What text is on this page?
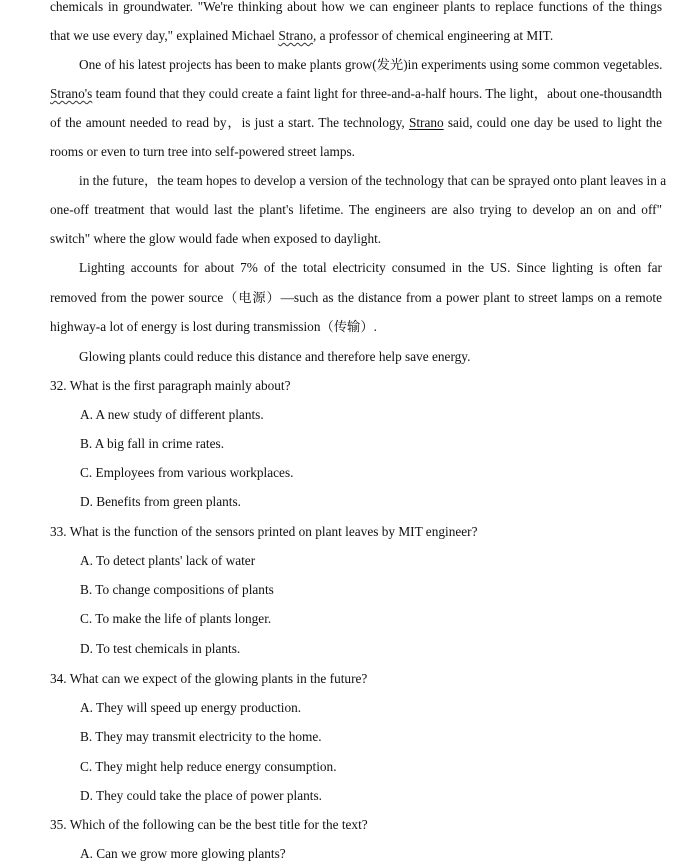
chemicals in groundwater. "We're thinking about how we can engineer plants to replace functions of the things
that we use every day," explained Michael Strano, a professor of chemical engineering at MIT.
One of his latest projects has been to make plants grow(发光)in experiments using some common vegetables.
Strano's team found that they could create a faint light for three-and-a-half hours. The light，about one-thousandth
of the amount needed to read by，is just a start. The technology, Strano said, could one day be used to light the
rooms or even to turn tree into self-powered street lamps.
in the future，the team hopes to develop a version of the technology that can be sprayed onto plant leaves in a
one-off treatment that would last the plant's lifetime. The engineers are also trying to develop an on and off"
switch" where the glow would fade when exposed to daylight.
Lighting accounts for about 7% of the total electricity consumed in the US. Since lighting is often far
removed from the power source（电源）—such as the distance from a power plant to street lamps on a remote
highway-a lot of energy is lost during transmission（传输）.
Glowing plants could reduce this distance and therefore help save energy.
32. What is the first paragraph mainly about?
A. A new study of different plants.
B. A big fall in crime rates.
C. Employees from various workplaces.
D. Benefits from green plants.
33. What is the function of the sensors printed on plant leaves by MIT engineer?
A. To detect plants' lack of water
B. To change compositions of plants
C. To make the life of plants longer.
D. To test chemicals in plants.
34. What can we expect of the glowing plants in the future?
A. They will speed up energy production.
B. They may transmit electricity to the home.
C. They might help reduce energy consumption.
D. They could take the place of power plants.
35. Which of the following can be the best title for the text?
A. Can we grow more glowing plants?
